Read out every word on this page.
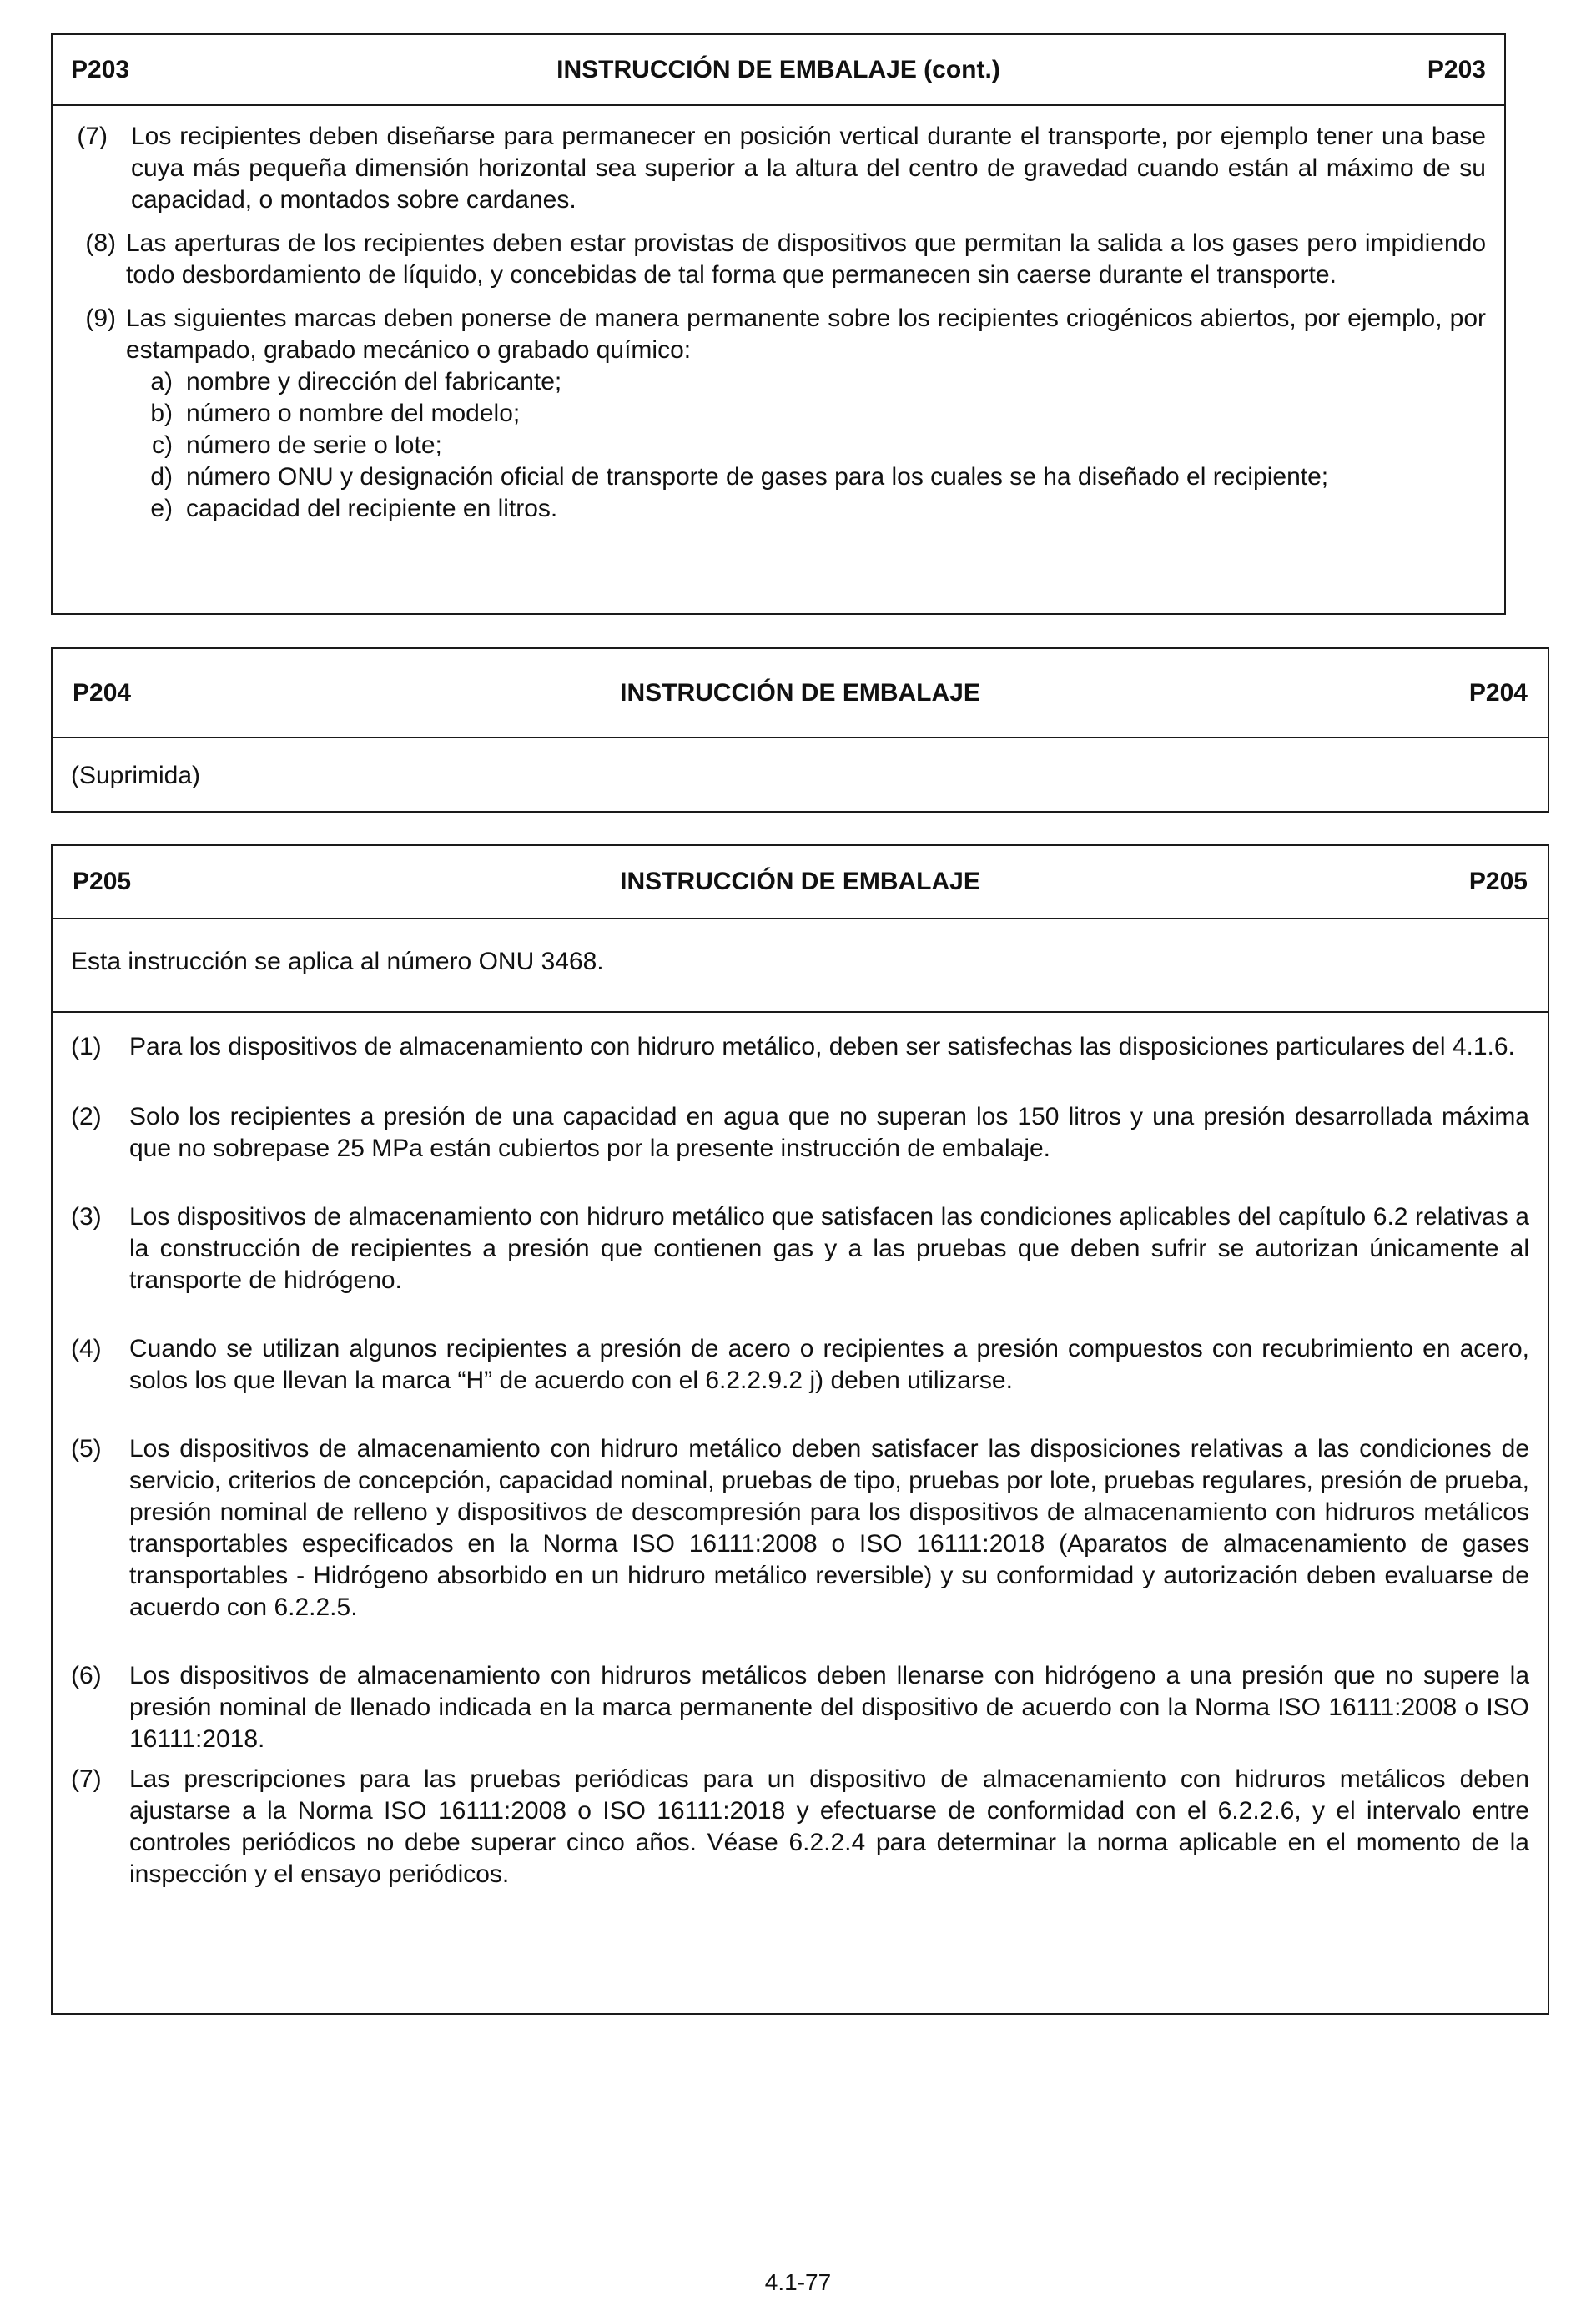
P203	INSTRUCCIÓN DE EMBALAJE (cont.)	P203
(7) Los recipientes deben diseñarse para permanecer en posición vertical durante el transporte, por ejemplo tener una base cuya más pequeña dimensión horizontal sea superior a la altura del centro de gravedad cuando están al máximo de su capacidad, o montados sobre cardanes.
(8) Las aperturas de los recipientes deben estar provistas de dispositivos que permitan la salida a los gases pero impidiendo todo desbordamiento de líquido, y concebidas de tal forma que permanecen sin caerse durante el transporte.
(9) Las siguientes marcas deben ponerse de manera permanente sobre los recipientes criogénicos abiertos, por ejemplo, por estampado, grabado mecánico o grabado químico:
a) nombre y dirección del fabricante;
b) número o nombre del modelo;
c) número de serie o lote;
d) número ONU y designación oficial de transporte de gases para los cuales se ha diseñado el recipiente;
e) capacidad del recipiente en litros.
P204	INSTRUCCIÓN DE EMBALAJE	P204
(Suprimida)
P205	INSTRUCCIÓN DE EMBALAJE	P205
Esta instrucción se aplica al número ONU 3468.
(1)	Para los dispositivos de almacenamiento con hidruro metálico, deben ser satisfechas las disposiciones particulares del 4.1.6.
(2)	Solo los recipientes a presión de una capacidad en agua que no superan los 150 litros y una presión desarrollada máxima que no sobrepase 25 MPa están cubiertos por la presente instrucción de embalaje.
(3)	Los dispositivos de almacenamiento con hidruro metálico que satisfacen las condiciones aplicables del capítulo 6.2 relativas a la construcción de recipientes a presión que contienen gas y a las pruebas que deben sufrir se autorizan únicamente al transporte de hidrógeno.
(4)	Cuando se utilizan algunos recipientes a presión de acero o recipientes a presión compuestos con recubrimiento en acero, solos los que llevan la marca “H” de acuerdo con el 6.2.2.9.2 j) deben utilizarse.
(5)	Los dispositivos de almacenamiento con hidruro metálico deben satisfacer las disposiciones relativas a las condiciones de servicio, criterios de concepción, capacidad nominal, pruebas de tipo, pruebas por lote, pruebas regulares, presión de prueba, presión nominal de relleno y dispositivos de descompresión para los dispositivos de almacenamiento con hidruros metálicos transportables especificados en la Norma ISO 16111:2008 o ISO 16111:2018 (Aparatos de almacenamiento de gases transportables - Hidrógeno absorbido en un hidruro metálico reversible) y su conformidad y autorización deben evaluarse de acuerdo con 6.2.2.5.
(6)	Los dispositivos de almacenamiento con hidruros metálicos deben llenarse con hidrógeno a una presión que no supere la presión nominal de llenado indicada en la marca permanente del dispositivo de acuerdo con la Norma ISO 16111:2008 o ISO 16111:2018.
(7)	Las prescripciones para las pruebas periódicas para un dispositivo de almacenamiento con hidruros metálicos deben ajustarse a la Norma ISO 16111:2008 o ISO 16111:2018 y efectuarse de conformidad con el 6.2.2.6, y el intervalo entre controles periódicos no debe superar cinco años. Véase 6.2.2.4 para determinar la norma aplicable en el momento de la inspección y el ensayo periódicos.
4.1-77
